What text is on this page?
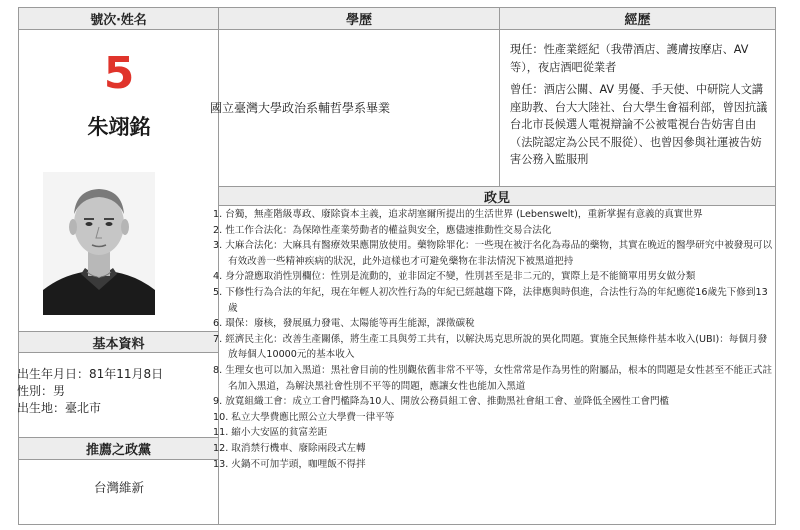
號次‧姓名	學歷	經歷
政見
基本資料
推薦之政黨
5
朱翊銘
出生年月日：81年11月8日
性別：男
出生地：臺北市
台灣維新
國立臺灣大學政治系輔哲學系畢業

現任：性產業經紀（我帶酒店、護膚按摩店、AV等），夜店酒吧從業者

曾任：酒店公關、AV 男優、手天使、中研院人文講座助教、台大大陸社、台大學生會福利部，曾因抗議台北市長候選人電視辯論不公被電視台告妨害自由（法院認定為公民不服從）、也曾因參與社運被告妨害公務入監服刑

1. 台獨，無產階級專政、廢除資本主義，追求胡塞爾所提出的生活世界 (Lebenswelt)，重新掌握有意義的真實世界
2. 性工作合法化：為保障性產業勞動者的權益與安全，應儘速推動性交易合法化
3. 大麻合法化：大麻具有醫療效果應開放使用。藥物除罪化：一些現在被汙名化為毒品的藥物，其實在晚近的醫學研究中被發現可以有效改善一些精神疾病的狀況，此外這樣也才可避免藥物在非法情況下被黑道把持
4. 身分證應取消性別欄位：性別是流動的，並非固定不變，性別甚至是非二元的，實際上是不能簡單用男女做分類
5. 下修性行為合法的年紀，現在年輕人初次性行為的年紀已經越趨下降，法律應與時俱進，合法性行為的年紀應從16歲先下修到13歲
6. 環保：廢核，發展風力發電、太陽能等再生能源，課徵碳稅
7. 經濟民主化：改善生產關係，將生產工具與勞工共有，以解決馬克思所說的異化問題。實施全民無條件基本收入(UBI)：每個月發放每個人10000元的基本收入
8. 生理女也可以加入黑道：黑社會目前的性別觀依舊非常不平等，女性常常是作為男性的附屬品，根本的問題是女性甚至不能正式註名加入黑道，為解決黑社會性別不平等的問題，應讓女性也能加入黑道
9. 放寬組織工會：成立工會門檻降為10人、開放公務員組工會、推動黑社會組工會、並降低全國性工會門檻
10. 私立大學費應比照公立大學費一律平等
11. 縮小大安區的貧富差距
12. 取消禁行機車、廢除兩段式左轉
13. 火鍋不可加芋頭，咖哩飯不得拌
